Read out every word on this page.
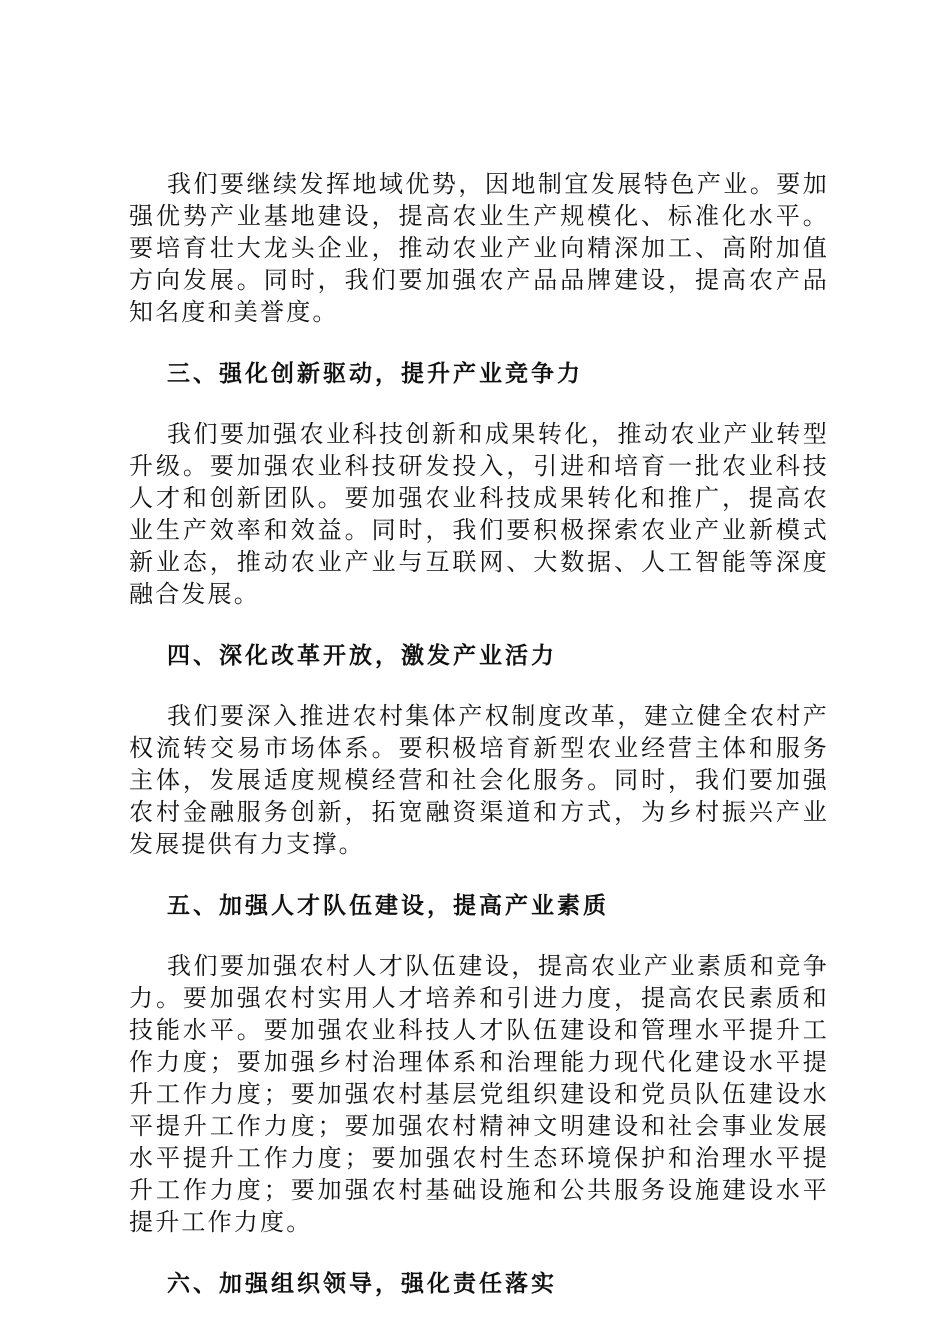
我们要继续发挥地域优势，因地制宜发展特色产业。要加强优势产业基地建设，提高农业生产规模化、标准化水平。要培育壮大龙头企业，推动农业产业向精深加工、高附加值方向发展。同时，我们要加强农产品品牌建设，提高农产品知名度和美誉度。

三、强化创新驱动，提升产业竞争力

我们要加强农业科技创新和成果转化，推动农业产业转型升级。要加强农业科技研发投入，引进和培育一批农业科技人才和创新团队。要加强农业科技成果转化和推广，提高农业生产效率和效益。同时，我们要积极探索农业产业新模式新业态，推动农业产业与互联网、大数据、人工智能等深度融合发展。

四、深化改革开放，激发产业活力

我们要深入推进农村集体产权制度改革，建立健全农村产权流转交易市场体系。要积极培育新型农业经营主体和服务主体，发展适度规模经营和社会化服务。同时，我们要加强农村金融服务创新，拓宽融资渠道和方式，为乡村振兴产业发展提供有力支撑。

五、加强人才队伍建设，提高产业素质

我们要加强农村人才队伍建设，提高农业产业素质和竞争力。要加强农村实用人才培养和引进力度，提高农民素质和技能水平。要加强农业科技人才队伍建设和管理水平提升工作力度；要加强乡村治理体系和治理能力现代化建设水平提升工作力度；要加强农村基层党组织建设和党员队伍建设水平提升工作力度；要加强农村精神文明建设和社会事业发展水平提升工作力度；要加强农村生态环境保护和治理水平提升工作力度；要加强农村基础设施和公共服务设施建设水平提升工作力度。

六、加强组织领导，强化责任落实
